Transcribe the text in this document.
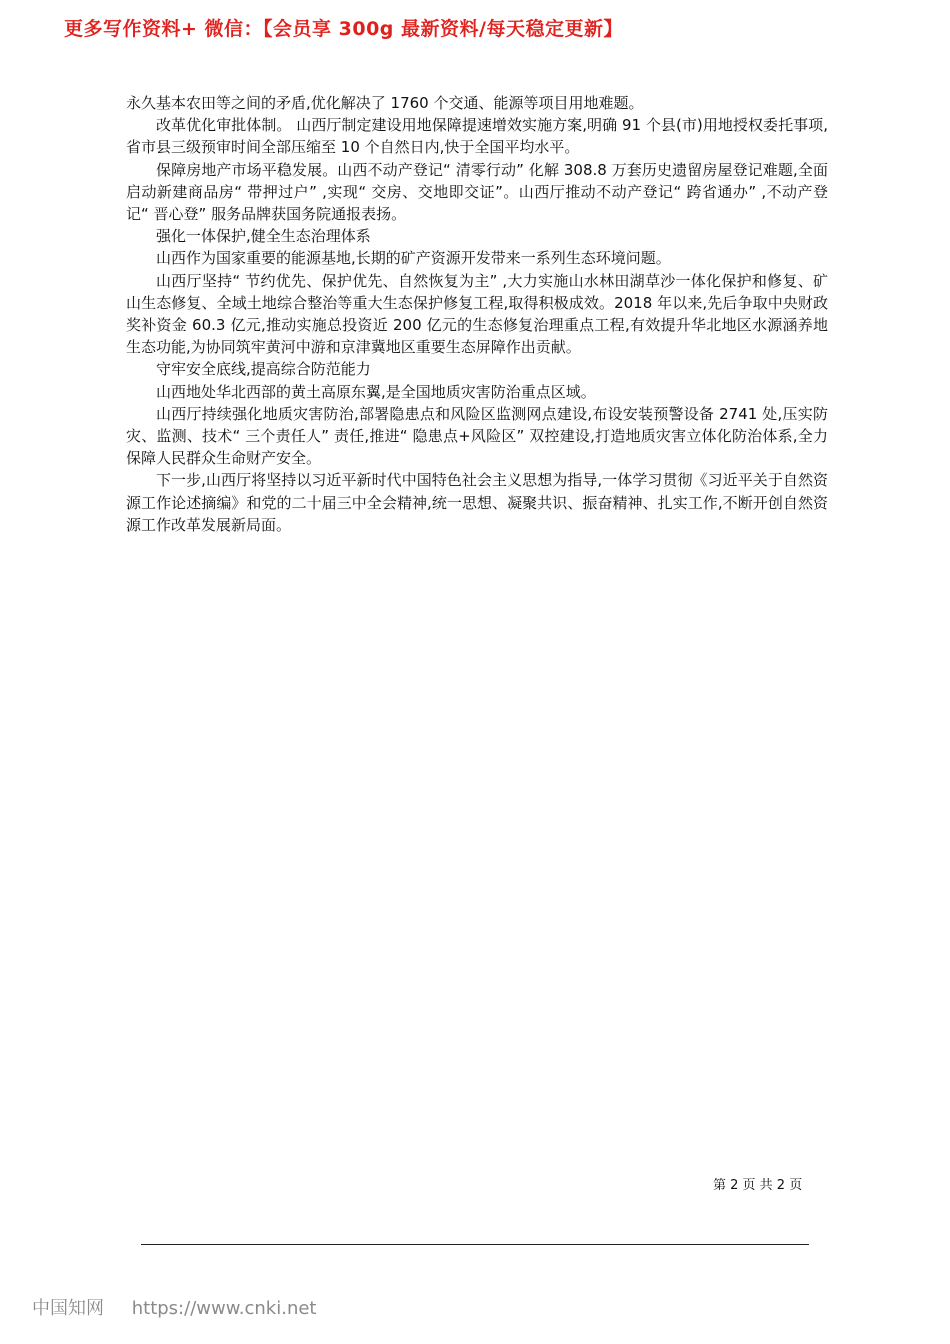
更多写作资料+ 微信：【会员享 300g 最新资料/每天稳定更新】

永久基本农田等之间的矛盾,优化解决了 1760 个交通、能源等项目用地难题。

改革优化审批体制。 山西厅制定建设用地保障提速增效实施方案,明确 91 个县(市)用地授权委托事项,省市县三级预审时间全部压缩至 10 个自然日内,快于全国平均水平。

保障房地产市场平稳发展。山西不动产登记“ 清零行动” 化解 308.8 万套历史遗留房屋登记难题,全面启动新建商品房“ 带押过户” ,实现“ 交房、交地即交证”。山西厅推动不动产登记“ 跨省通办” ,不动产登记“ 晋心登” 服务品牌获国务院通报表扬。

强化一体保护,健全生态治理体系

山西作为国家重要的能源基地,长期的矿产资源开发带来一系列生态环境问题。

山西厅坚持“ 节约优先、保护优先、自然恢复为主” ,大力实施山水林田湖草沙一体化保护和修复、矿山生态修复、全域土地综合整治等重大生态保护修复工程,取得积极成效。2018 年以来,先后争取中央财政奖补资金 60.3 亿元,推动实施总投资近 200 亿元的生态修复治理重点工程,有效提升华北地区水源涵养地生态功能,为协同筑牢黄河中游和京津冀地区重要生态屏障作出贡献。

守牢安全底线,提高综合防范能力

山西地处华北西部的黄土高原东翼,是全国地质灾害防治重点区域。

山西厅持续强化地质灾害防治,部署隐患点和风险区监测网点建设,布设安装预警设备 2741 处,压实防灾、监测、技术“ 三个责任人” 责任,推进“ 隐患点+风险区” 双控建设,打造地质灾害立体化防治体系,全力保障人民群众生命财产安全。

下一步,山西厅将坚持以习近平新时代中国特色社会主义思想为指导,一体学习贯彻《习近平关于自然资源工作论述摘编》和党的二十届三中全会精神,统一思想、凝聚共识、振奋精神、扎实工作,不断开创自然资源工作改革发展新局面。

第 2 页 共 2 页
中国知网 https://www.cnki.net
